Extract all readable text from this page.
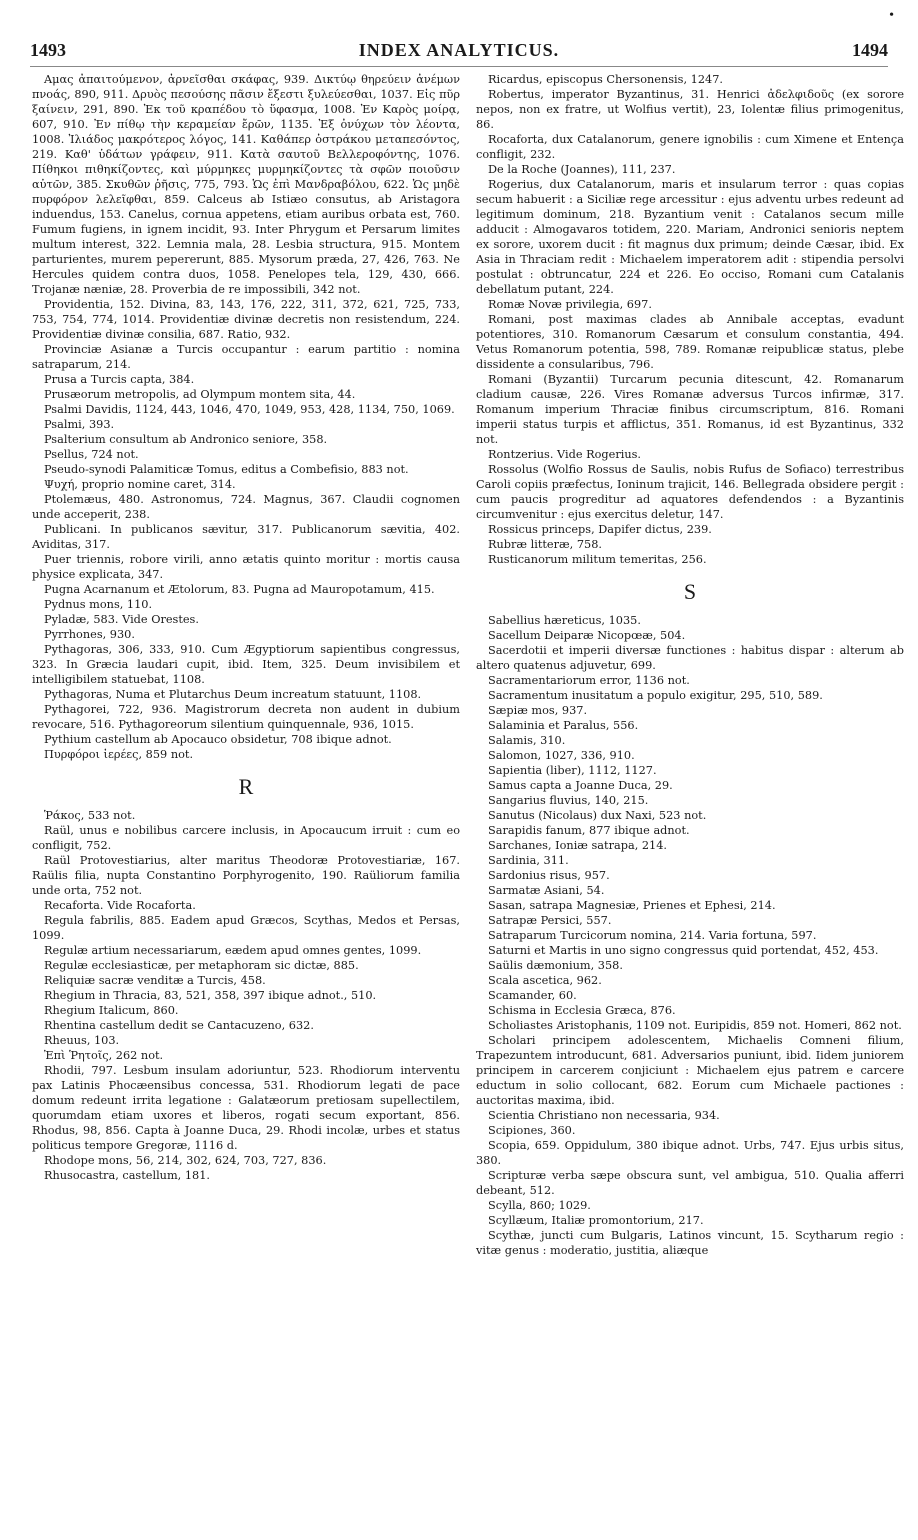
•
1493	INDEX ANALYTICUS.	1494

Αμας ἀπαιτούμενον, ἀρνεῖσθαι σκάφας, 939. Δικτύῳ θηρεύειν ἀνέμων πνοάς, 890, 911. Δρυὸς πεσούσης πᾶσιν ἔξεστι ξυλεύεσθαι, 1037. Εἰς πῦρ ξαίνειν, 291, 890. Ἐκ τοῦ κραπέδου τὸ ὕφασμα, 1008. Ἐν Καρὸς μοίρᾳ, 607, 910. Ἐν πίθῳ τὴν κεραμείαν ἔρῶν, 1135. Ἐξ ὀνύχων τὸν λέοντα, 1008. Ἰλιάδος μακρότερος λόγος, 141. Καθάπερ ὀστράκου μεταπεσόντος, 219. Καθ' ὑδάτων γράφειν, 911. Κατὰ σαυτοῦ Βελλεροφόντης, 1076. Πίθηκοι πιθηκίζοντες, καὶ μύρμηκες μυρμηκίζοντες τὰ σφῶν ποιοῦσιν αὐτῶν, 385. Σκυθῶν ῥῆσις, 775, 793. Ὡς ἐπὶ Μανδραβόλου, 622. Ὡς μηδὲ πυρφόρον λελεῖφθαι, 859. Calceus ab Istiæo consutus, ab Aristagora induendus, 153. Canelus, cornua appetens, etiam auribus orbata est, 760. Fumum fugiens, in ignem incidit, 93. Inter Phrygum et Persarum limites multum interest, 322. Lemnia mala, 28. Lesbia structura, 915. Montem parturientes, murem pepererunt, 885. Mysorum præda, 27, 426, 763. Ne Hercules quidem contra duos, 1058. Penelopes tela, 129, 430, 666. Trojanæ næniæ, 28. Proverbia de re impossibili, 342 not.

Providentia, 152. Divina, 83, 143, 176, 222, 311, 372, 621, 725, 733, 753, 754, 774, 1014. Providentiæ divinæ decretis non resistendum, 224. Providentiæ divinæ consilia, 687. Ratio, 932.

Provinciæ Asianæ a Turcis occupantur : earum partitio : nomina satraparum, 214.

Prusa a Turcis capta, 384.

Prusæorum metropolis, ad Olympum montem sita, 44.

Psalmi Davidis, 1124, 443, 1046, 470, 1049, 953, 428, 1134, 750, 1069.

Psalmi, 393.

Psalterium consultum ab Andronico seniore, 358.

Psellus, 724 not.

Pseudo-synodi Palamiticæ Tomus, editus a Combefisio, 883 not.

Ψυχή, proprio nomine caret, 314.

Ptolemæus, 480. Astronomus, 724. Magnus, 367. Claudii cognomen unde acceperit, 238.

Publicani. In publicanos sævitur, 317. Publicanorum sævitia, 402. Aviditas, 317.

Puer triennis, robore virili, anno ætatis quinto moritur : mortis causa physice explicata, 347.

Pugna Acarnanum et Ætolorum, 83. Pugna ad Mauropotamum, 415.

Pydnus mons, 110.

Pyladæ, 583. Vide Orestes.

Pyrrhones, 930.

Pythagoras, 306, 333, 910. Cum Ægyptiorum sapientibus congressus, 323. In Græcia laudari cupit, ibid. Item, 325. Deum invisibilem et intelligibilem statuebat, 1108.

Pythagoras, Numa et Plutarchus Deum increatum statuunt, 1108.

Pythagorei, 722, 936. Magistrorum decreta non audent in dubium revocare, 516. Pythagoreorum silentium quinquennale, 936, 1015.

Pythium castellum ab Apocauco obsidetur, 708 ibique adnot.

Πυρφόροι ἱερέες, 859 not.

R

Ῥάκος, 533 not.

Raül, unus e nobilibus carcere inclusis, in Apocaucum irruit : cum eo confligit, 752.

Raül Protovestiarius, alter maritus Theodoræ Protovestiariæ, 167. Raülis filia, nupta Constantino Porphyrogenito, 190. Raüliorum familia unde orta, 752 not.

Recaforta. Vide Rocaforta.

Regula fabrilis, 885. Eadem apud Græcos, Scythas, Medos et Persas, 1099.

Regulæ artium necessariarum, eædem apud omnes gentes, 1099.

Regulæ ecclesiasticæ, per metaphoram sic dictæ, 885.

Reliquiæ sacræ venditæ a Turcis, 458.

Rhegium in Thracia, 83, 521, 358, 397 ibique adnot., 510.

Rhegium Italicum, 860.

Rhentina castellum dedit se Cantacuzeno, 632.

Rheuus, 103.

Ἐπὶ Ῥητοῖς, 262 not.

Rhodii, 797. Lesbum insulam adoriuntur, 523. Rhodiorum interventu pax Latinis Phocæensibus concessa, 531. Rhodiorum legati de pace domum redeunt irrita legatione : Galatæorum pretiosam supellectilem, quorumdam etiam uxores et liberos, rogati secum exportant, 856. Rhodus, 98, 856. Capta à Joanne Duca, 29. Rhodi incolæ, urbes et status politicus tempore Gregoræ, 1116 d.

Rhodope mons, 56, 214, 302, 624, 703, 727, 836.

Rhusocastra, castellum, 181.

Ricardus, episcopus Chersonensis, 1247.

Robertus, imperator Byzantinus, 31. Henrici ἀδελφιδοῦς (ex sorore nepos, non ex fratre, ut Wolfius vertit), 23, Iolentæ filius primogenitus, 86.

Rocaforta, dux Catalanorum, genere ignobilis : cum Ximene et Entença confligit, 232.

De la Roche (Joannes), 111, 237.

Rogerius, dux Catalanorum, maris et insularum terror : quas copias secum habuerit : a Siciliæ rege arcessitur : ejus adventu urbes redeunt ad legitimum dominum, 218. Byzantium venit : Catalanos secum mille adducit : Almogavaros totidem, 220. Mariam, Andronici senioris neptem ex sorore, uxorem ducit : fit magnus dux primum; deinde Cæsar, ibid. Ex Asia in Thraciam redit : Michaelem imperatorem adit : stipendia persolvi postulat : obtruncatur, 224 et 226. Eo occiso, Romani cum Catalanis debellatum putant, 224.

Romæ Novæ privilegia, 697.

Romani, post maximas clades ab Annibale acceptas, evadunt potentiores, 310. Romanorum Cæsarum et consulum constantia, 494. Vetus Romanorum potentia, 598, 789. Romanæ reipublicæ status, plebe dissidente a consularibus, 796.

Romani (Byzantii) Turcarum pecunia ditescunt, 42. Romanarum cladium causæ, 226. Vires Romanæ adversus Turcos infirmæ, 317. Romanum imperium Thraciæ finibus circumscriptum, 816. Romani imperii status turpis et afflictus, 351. Romanus, id est Byzantinus, 332 not.

Rontzerius. Vide Rogerius.

Rossolus (Wolfio Rossus de Saulis, nobis Rufus de Sofiaco) terrestribus Caroli copiis præfectus, Ioninum trajicit, 146. Bellegrada obsidere pergit : cum paucis progreditur ad aquatores defendendos : a Byzantinis circumvenitur : ejus exercitus deletur, 147.

Rossicus princeps, Dapifer dictus, 239.

Rubræ litteræ, 758.

Rusticanorum militum temeritas, 256.

S

Sabellius hæreticus, 1035.

Sacellum Deiparæ Nicopœæ, 504.

Sacerdotii et imperii diversæ functiones : habitus dispar : alterum ab altero quatenus adjuvetur, 699.

Sacramentariorum error, 1136 not.

Sacramentum inusitatum a populo exigitur, 295, 510, 589.

Sæpiæ mos, 937.

Salaminia et Paralus, 556.

Salamis, 310.

Salomon, 1027, 336, 910.

Sapientia (liber), 1112, 1127.

Samus capta a Joanne Duca, 29.

Sangarius fluvius, 140, 215.

Sanutus (Nicolaus) dux Naxi, 523 not.

Sarapidis fanum, 877 ibique adnot.

Sarchanes, Ioniæ satrapa, 214.

Sardinia, 311.

Sardonius risus, 957.

Sarmatæ Asiani, 54.

Sasan, satrapa Magnesiæ, Prienes et Ephesi, 214.

Satrapæ Persici, 557.

Satraparum Turcicorum nomina, 214. Varia fortuna, 597.

Saturni et Martis in uno signo congressus quid portendat, 452, 453.

Saülis dæmonium, 358.

Scala ascetica, 962.

Scamander, 60.

Schisma in Ecclesia Græca, 876.

Scholiastes Aristophanis, 1109 not. Euripidis, 859 not. Homeri, 862 not.

Scholari principem adolescentem, Michaelis Comneni filium, Trapezuntem introducunt, 681. Adversarios puniunt, ibid. Iidem juniorem principem in carcerem conjiciunt : Michaelem ejus patrem e carcere eductum in solio collocant, 682. Eorum cum Michaele pactiones : auctoritas maxima, ibid.

Scientia Christiano non necessaria, 934.

Scipiones, 360.

Scopia, 659. Oppidulum, 380 ibique adnot. Urbs, 747. Ejus urbis situs, 380.

Scripturæ verba sæpe obscura sunt, vel ambigua, 510. Qualia afferri debeant, 512.

Scylla, 860; 1029.

Scyllæum, Italiæ promontorium, 217.

Scythæ, juncti cum Bulgaris, Latinos vincunt, 15. Scytharum regio : vitæ genus : moderatio, justitia, aliæque
